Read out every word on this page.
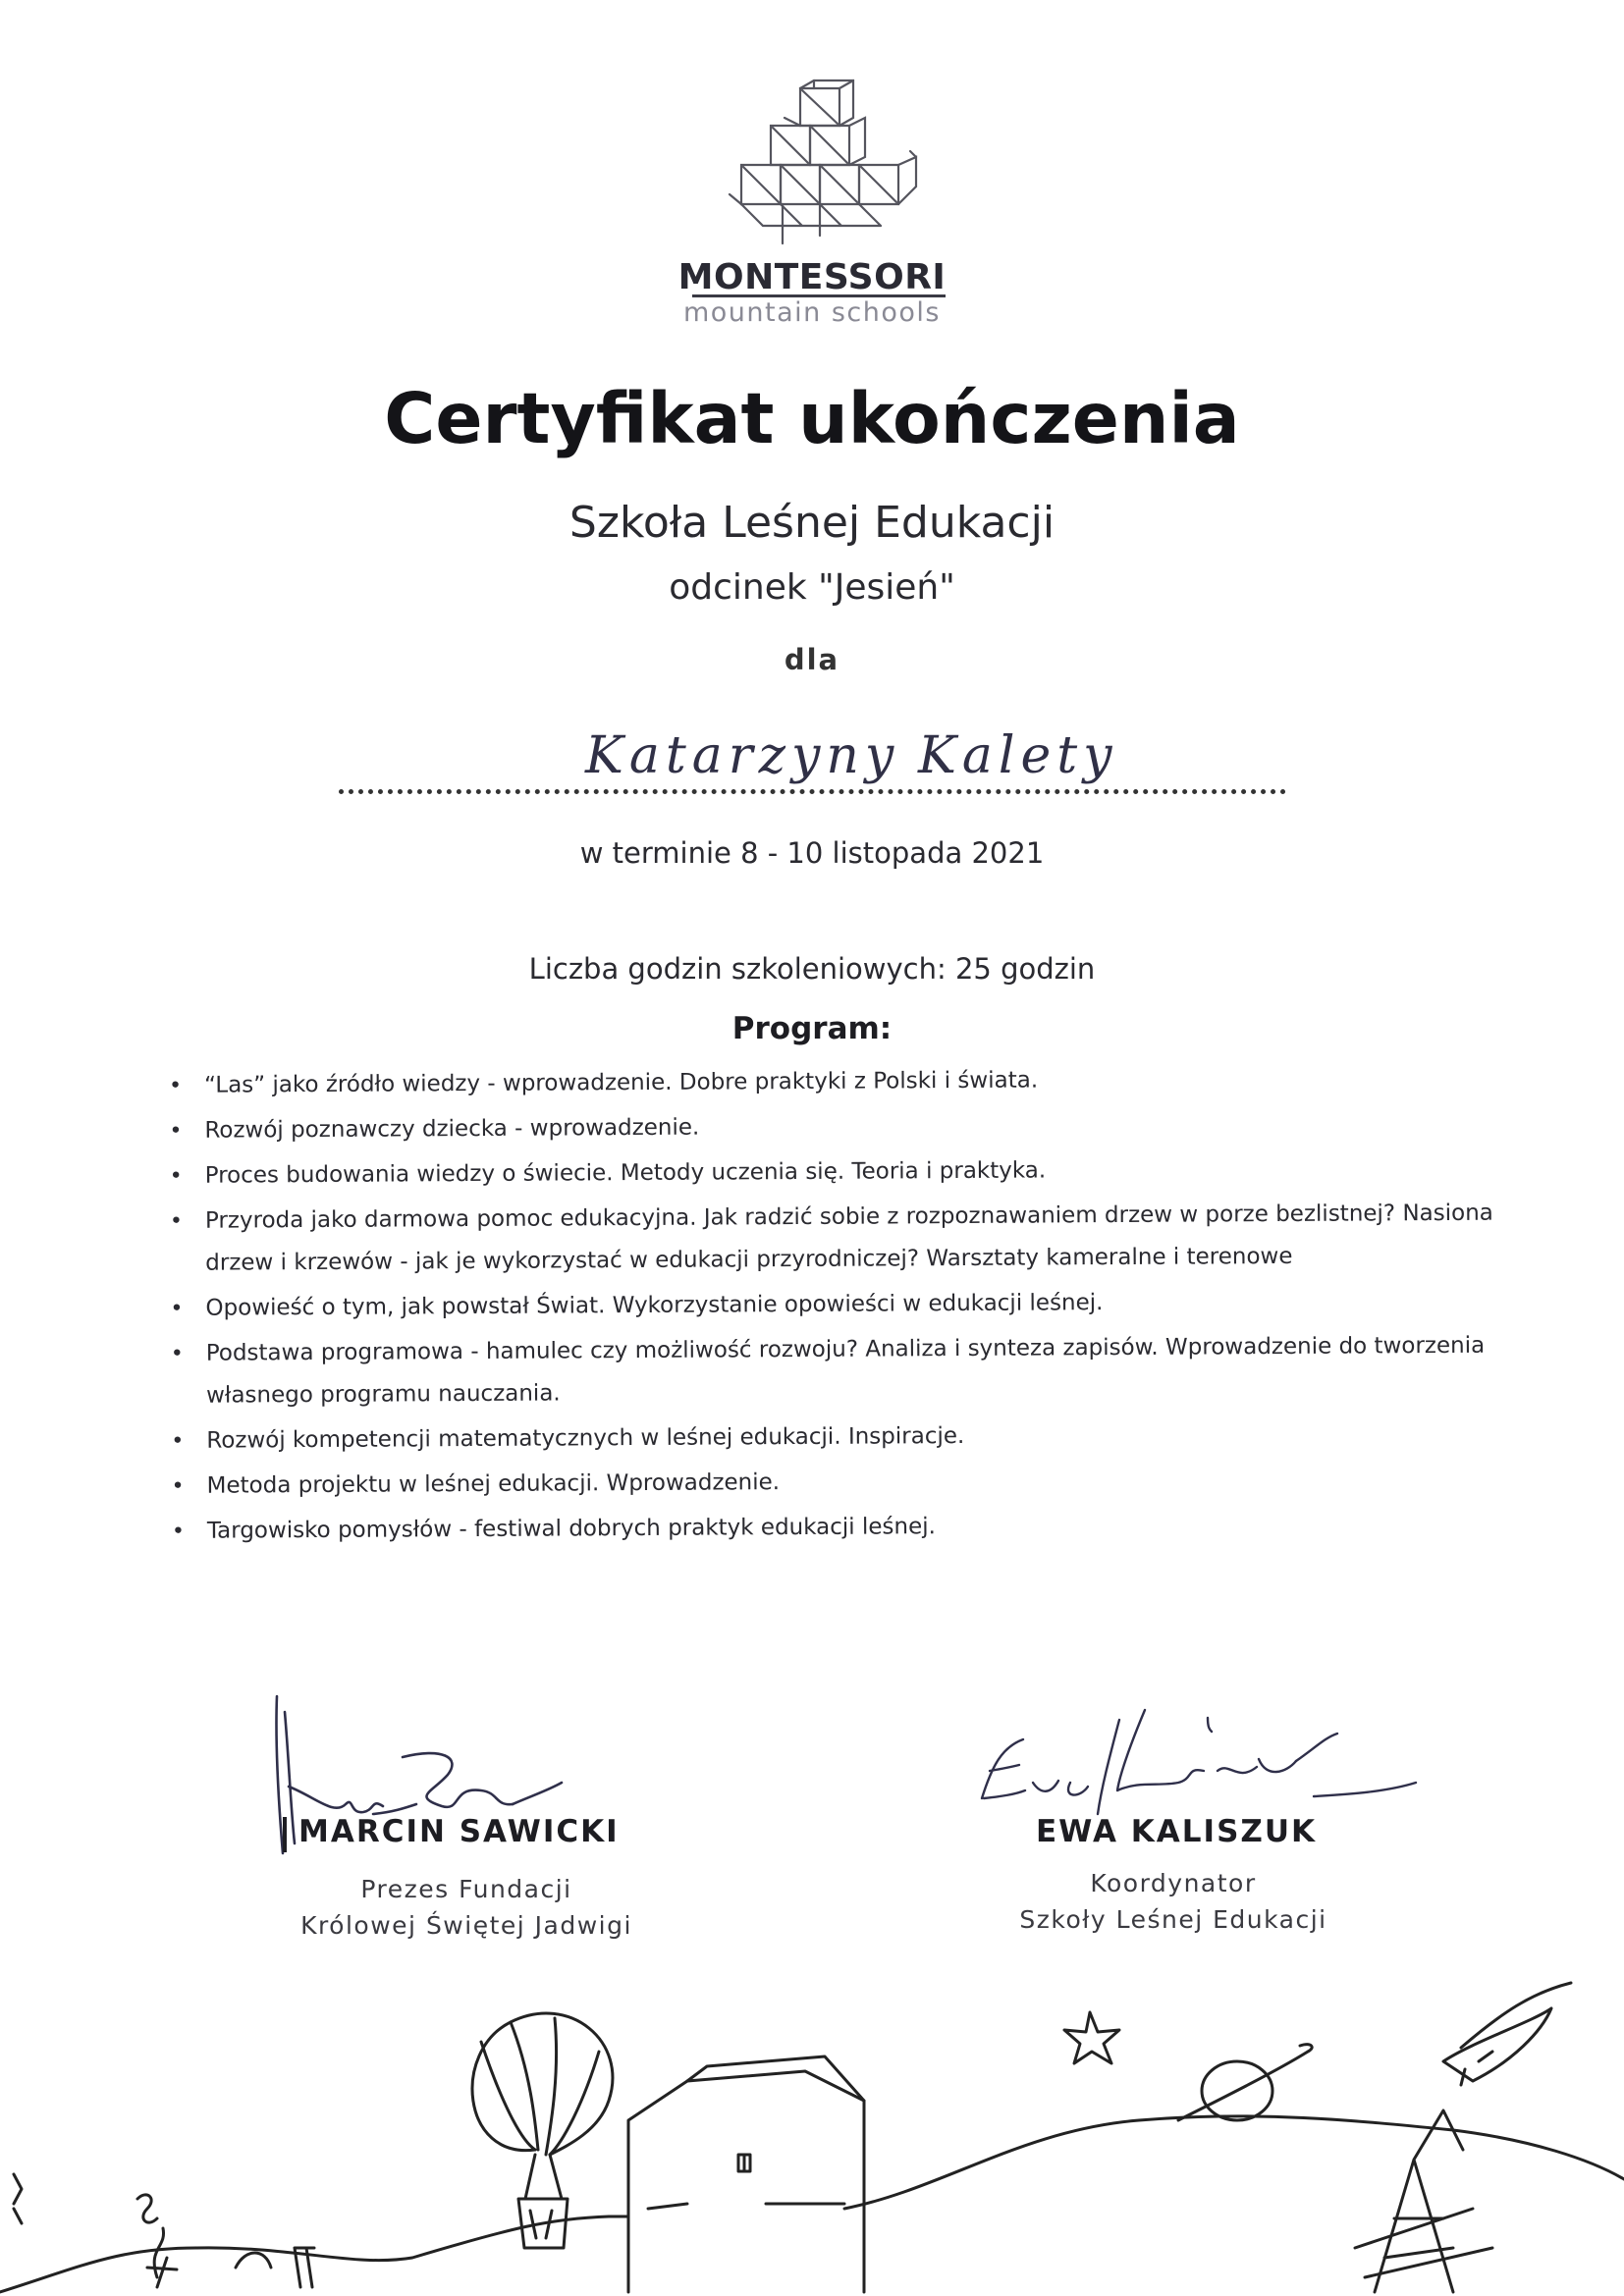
MONTESSORI
mountain schools
Certyfikat ukończenia
Szkoła Leśnej Edukacji
odcinek "Jesień"
dla
Katarzyny Kalety
w terminie 8 - 10 listopada 2021
Liczba godzin szkoleniowych: 25 godzin
Program:
• “Las” jako źródło wiedzy - wprowadzenie. Dobre praktyki z Polski i świata.
• Rozwój poznawczy dziecka - wprowadzenie.
• Proces budowania wiedzy o świecie. Metody uczenia się. Teoria i praktyka.
• Przyroda jako darmowa pomoc edukacyjna. Jak radzić sobie z rozpoznawaniem drzew w porze bezlistnej? Nasiona drzew i krzewów - jak je wykorzystać w edukacji przyrodniczej? Warsztaty kameralne i terenowe
• Opowieść o tym, jak powstał Świat. Wykorzystanie opowieści w edukacji leśnej.
• Podstawa programowa - hamulec czy możliwość rozwoju? Analiza i synteza zapisów. Wprowadzenie do tworzenia własnego programu nauczania.
• Rozwój kompetencji matematycznych w leśnej edukacji. Inspiracje.
• Metoda projektu w leśnej edukacji. Wprowadzenie.
• Targowisko pomysłów - festiwal dobrych praktyk edukacji leśnej.
MARCIN SAWICKI
Prezes Fundacji
Królowej Świętej Jadwigi
EWA KALISZUK
Koordynator
Szkoły Leśnej Edukacji
